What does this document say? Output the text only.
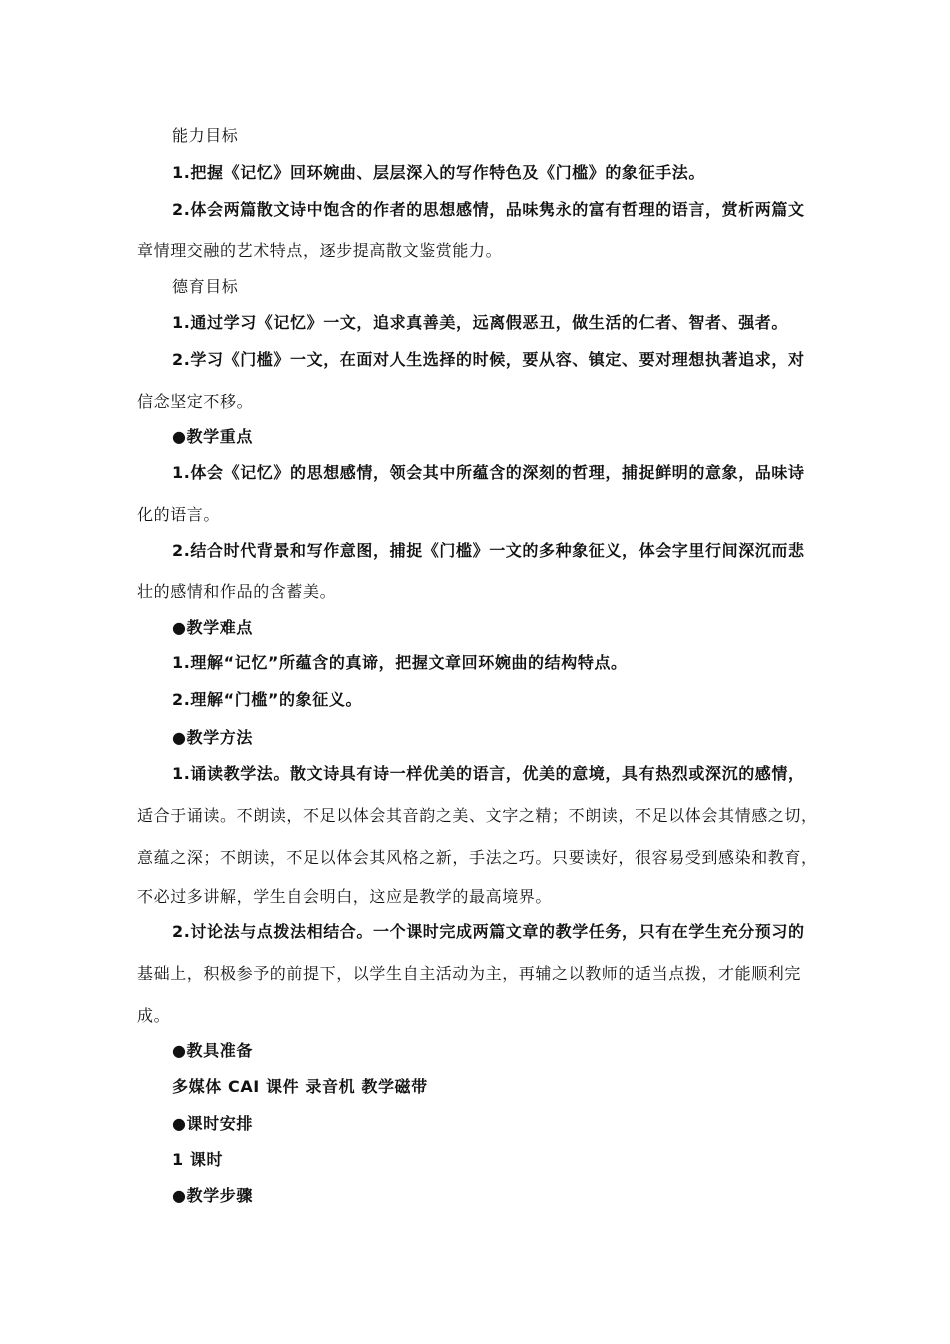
能力目标
1.把握《记忆》回环婉曲、层层深入的写作特色及《门槛》的象征手法。
2.体会两篇散文诗中饱含的作者的思想感情，品味隽永的富有哲理的语言，赏析两篇文
章情理交融的艺术特点，逐步提高散文鉴赏能力。
德育目标
1.通过学习《记忆》一文，追求真善美，远离假恶丑，做生活的仁者、智者、强者。
2.学习《门槛》一文，在面对人生选择的时候，要从容、镇定、要对理想执著追求，对
信念坚定不移。
●教学重点
1.体会《记忆》的思想感情，领会其中所蕴含的深刻的哲理，捕捉鲜明的意象，品味诗
化的语言。
2.结合时代背景和写作意图，捕捉《门槛》一文的多种象征义，体会字里行间深沉而悲
壮的感情和作品的含蓄美。
●教学难点
1.理解“记忆”所蕴含的真谛，把握文章回环婉曲的结构特点。
2.理解“门槛”的象征义。
●教学方法
1.诵读教学法。散文诗具有诗一样优美的语言，优美的意境，具有热烈或深沉的感情，
适合于诵读。不朗读，不足以体会其音韵之美、文字之精；不朗读，不足以体会其情感之切，
意蕴之深；不朗读，不足以体会其风格之新，手法之巧。只要读好，很容易受到感染和教育，
不必过多讲解，学生自会明白，这应是教学的最高境界。
2.讨论法与点拨法相结合。一个课时完成两篇文章的教学任务，只有在学生充分预习的
基础上，积极参予的前提下，以学生自主活动为主，再辅之以教师的适当点拨，才能顺利完
成。
●教具准备
多媒体 CAI 课件 录音机 教学磁带
●课时安排
1 课时
●教学步骤
